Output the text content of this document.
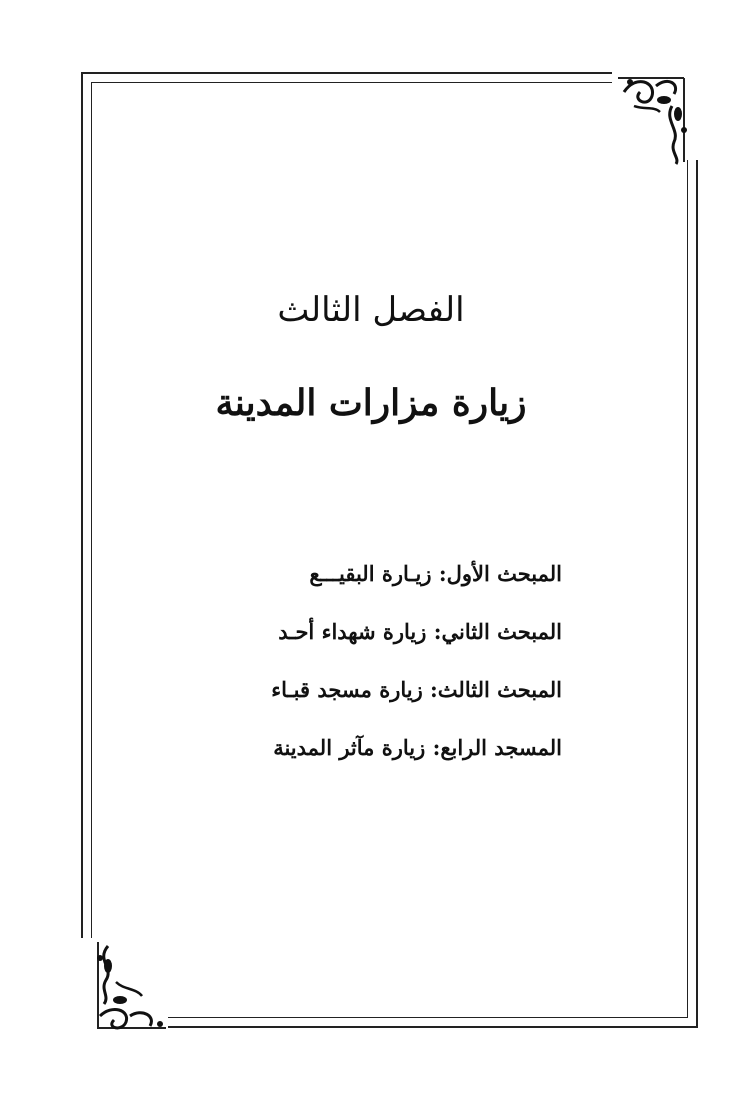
الفصل الثالث
زيارة مزارات المدينة
المبحث الأول: زيـارة البقيـــع
المبحث الثاني: زيارة شهداء أحـد
المبحث الثالث: زيارة مسجد قبـاء
المسجد الرابع: زيارة مآثر المدينة
